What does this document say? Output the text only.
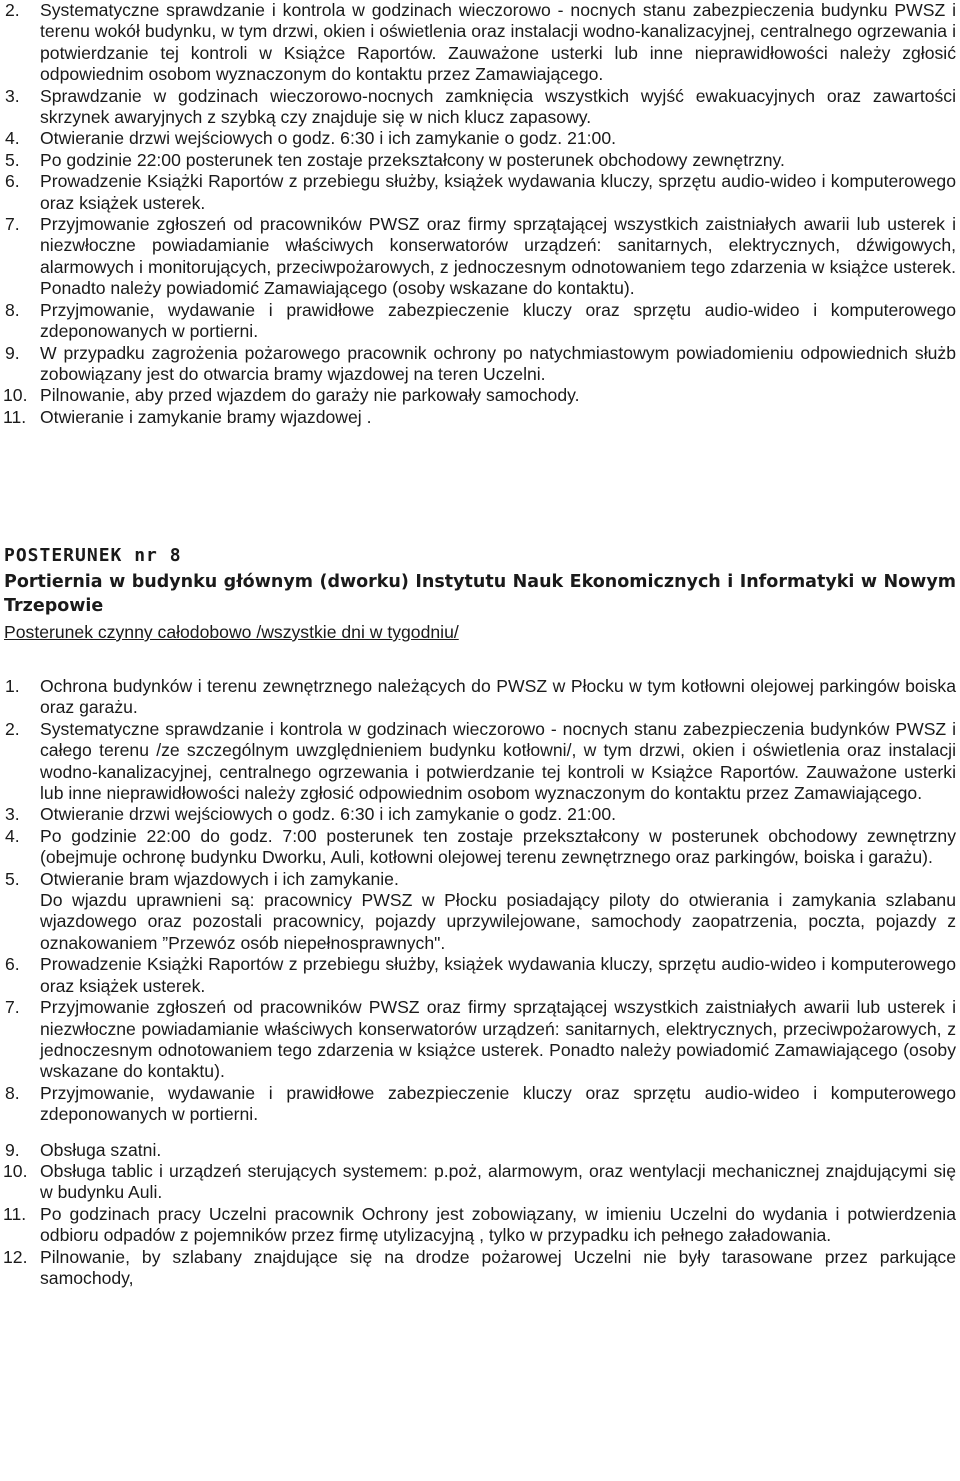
2. Systematyczne sprawdzanie i kontrola w godzinach wieczorowo - nocnych stanu zabezpieczenia budynku PWSZ i terenu wokół budynku, w tym drzwi, okien i oświetlenia oraz instalacji wodno-kanalizacyjnej, centralnego ogrzewania i potwierdzanie tej kontroli w Książce Raportów. Zauważone usterki lub inne nieprawidłowości należy zgłosić odpowiednim osobom wyznaczonym do kontaktu przez Zamawiającego.
3. Sprawdzanie w godzinach wieczorowo-nocnych zamknięcia wszystkich wyjść ewakuacyjnych oraz zawartości skrzynek awaryjnych z szybką czy znajduje się w nich klucz zapasowy.
4. Otwieranie drzwi wejściowych o godz. 6:30 i ich zamykanie o godz. 21:00.
5. Po godzinie 22:00 posterunek ten zostaje przekształcony w posterunek obchodowy zewnętrzny.
6. Prowadzenie Książki Raportów z przebiegu służby, książek wydawania kluczy, sprzętu audio-wideo i komputerowego oraz książek usterek.
7. Przyjmowanie zgłoszeń od pracowników PWSZ oraz firmy sprzątającej wszystkich zaistniałych awarii lub usterek i niezwłoczne powiadamianie właściwych konserwatorów urządzeń: sanitarnych, elektrycznych, dźwigowych, alarmowych i monitorujących, przeciwpożarowych, z jednoczesnym odnotowaniem tego zdarzenia w książce usterek. Ponadto należy powiadomić Zamawiającego (osoby wskazane do kontaktu).
8. Przyjmowanie, wydawanie i prawidłowe zabezpieczenie kluczy oraz sprzętu audio-wideo i komputerowego zdeponowanych w portierni.
9. W przypadku zagrożenia pożarowego pracownik ochrony po natychmiastowym powiadomieniu odpowiednich służb zobowiązany jest do otwarcia bramy wjazdowej na teren Uczelni.
10. Pilnowanie, aby przed wjazdem do garaży nie parkowały samochody.
11. Otwieranie i zamykanie bramy wjazdowej .

POSTERUNEK nr 8

Portiernia w budynku głównym (dworku) Instytutu Nauk Ekonomicznych i Informatyki w Nowym Trzepowie

Posterunek czynny całodobowo /wszystkie dni w tygodniu/

1. Ochrona budynków i terenu zewnętrznego należących do PWSZ w Płocku w tym kotłowni olejowej parkingów boiska oraz garażu.
2. Systematyczne sprawdzanie i kontrola w godzinach wieczorowo - nocnych stanu zabezpieczenia budynków PWSZ i całego terenu /ze szczególnym uwzględnieniem budynku kotłowni/, w tym drzwi, okien i oświetlenia oraz instalacji wodno-kanalizacyjnej, centralnego ogrzewania i potwierdzanie tej kontroli w Książce Raportów. Zauważone usterki lub inne nieprawidłowości należy zgłosić odpowiednim osobom wyznaczonym do kontaktu przez Zamawiającego.
3. Otwieranie drzwi wejściowych o godz. 6:30 i ich zamykanie o godz. 21:00.
4. Po godzinie 22:00 do godz. 7:00 posterunek ten zostaje przekształcony w posterunek obchodowy zewnętrzny (obejmuje ochronę budynku Dworku, Auli, kotłowni olejowej terenu zewnętrznego oraz parkingów, boiska i garażu).
5. Otwieranie bram wjazdowych i ich zamykanie.
Do wjazdu uprawnieni są: pracownicy PWSZ w Płocku posiadający piloty do otwierania i zamykania szlabanu wjazdowego oraz pozostali pracownicy, pojazdy uprzywilejowane, samochody zaopatrzenia, poczta, pojazdy z oznakowaniem ”Przewóz osób niepełnosprawnych".
6. Prowadzenie Książki Raportów z przebiegu służby, książek wydawania kluczy, sprzętu audio-wideo i komputerowego oraz książek usterek.
7. Przyjmowanie zgłoszeń od pracowników PWSZ oraz firmy sprzątającej wszystkich zaistniałych awarii lub usterek i niezwłoczne powiadamianie właściwych konserwatorów urządzeń: sanitarnych, elektrycznych, przeciwpożarowych, z jednoczesnym odnotowaniem tego zdarzenia w książce usterek. Ponadto należy powiadomić Zamawiającego (osoby wskazane do kontaktu).
8. Przyjmowanie, wydawanie i prawidłowe zabezpieczenie kluczy oraz sprzętu audio-wideo i komputerowego zdeponowanych w portierni.
9. Obsługa szatni.
10. Obsługa tablic i urządzeń sterujących systemem: p.poż, alarmowym, oraz wentylacji mechanicznej znajdującymi się w budynku Auli.
11. Po godzinach pracy Uczelni pracownik Ochrony jest zobowiązany, w imieniu Uczelni do wydania i potwierdzenia odbioru odpadów z pojemników przez firmę utylizacyjną , tylko w przypadku ich pełnego załadowania.
12. Pilnowanie, by szlabany znajdujące się na drodze pożarowej Uczelni nie były tarasowane przez parkujące samochody,
